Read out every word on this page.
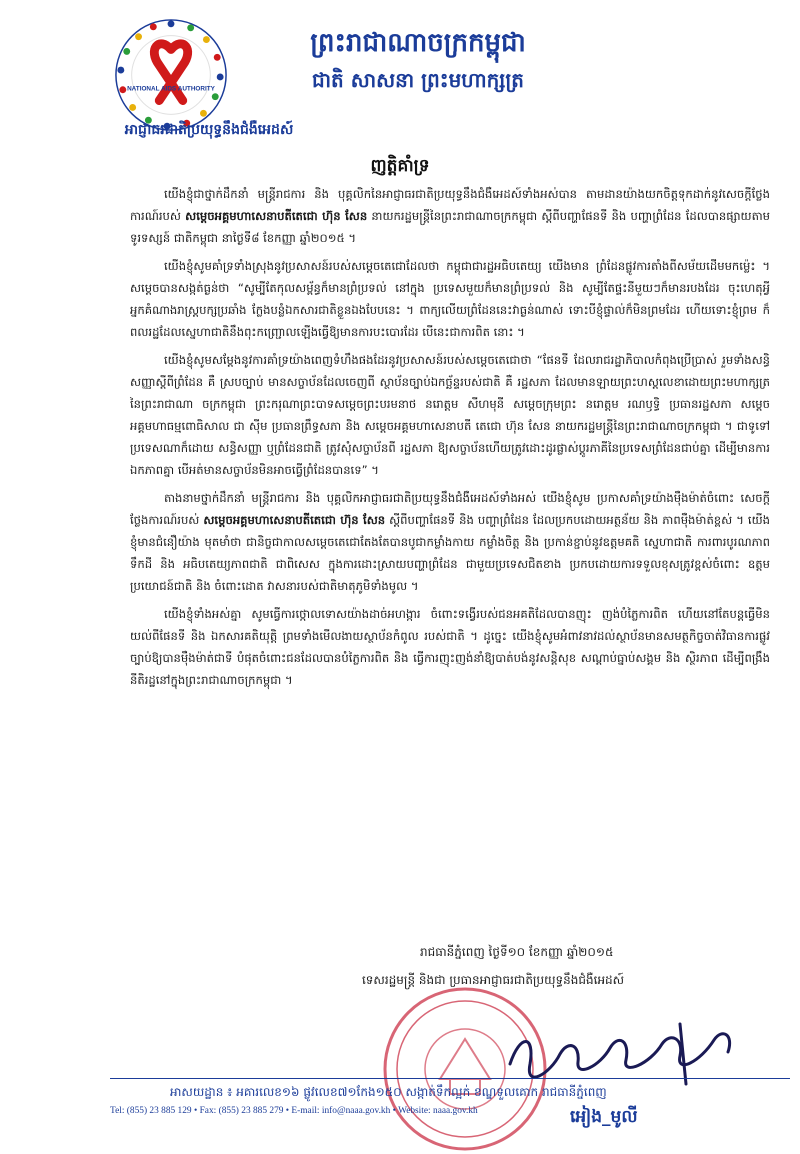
NATIONAL AIDS AUTHORITY
អាជ្ញាធរជាតិប្រយុទ្ធនឹងជំងឺអេដស៍
ព្រះរាជាណាចក្រកម្ពុជា
ជាតិ សាសនា ព្រះមហាក្សត្រ
ញត្តិគាំទ្រ

យើងខ្ញុំជាថ្នាក់ដឹកនាំ មន្ត្រីរាជការ និង បុគ្គលិកនៃអាជ្ញាធរជាតិប្រយុទ្ធនឹងជំងឺអេដស៍ទាំងអស់បាន តាមដានយ៉ាងយកចិត្តទុកដាក់នូវសេចក្តីថ្លែងការណ៍របស់ សម្តេចអគ្គមហាសេនាបតីតេជោ ហ៊ុន សែន នាយករដ្ឋមន្ត្រីនៃព្រះរាជាណាចក្រកម្ពុជា ស្តីពីបញ្ហាផែនទី និង បញ្ហាព្រំដែន ដែលបានផ្សាយតាមទូរទស្សន៍ ជាតិកម្ពុជា នាថ្ងៃទី៨ ខែកញ្ញា ឆ្នាំ២០១៥ ។

យើងខ្ញុំសូមគាំទ្រទាំងស្រុងនូវប្រសាសន៍របស់សម្តេចតេជោដែលថា កម្ពុជាជារដ្ឋអធិបតេយ្យ យើងមាន ព្រំដែនផ្លូវការតាំងពីសម័យដើមមកម្ល៉េះ ។ សម្តេចបានសង្កត់ធ្ងន់ថា “សូម្បីតែកុលសម្ព័ន្ធក៏មានព្រំប្រទល់ នៅក្នុង ប្រទេសមួយក៏មានព្រំប្រទល់ និង សូម្បីតែផ្ទះនីមួយៗក៏មានរបងដែរ ចុះហេតុអ្វីអ្នកគំណាងរាស្ត្របក្សប្រឆាំង ក្លែងបន្លំឯកសារជាតិខ្លួនឯងបែបនេះ ។ ពាក្យលើយព្រំដែននេះវាធ្ងន់ណាស់ ទោះបីខ្ញុំផ្ទាល់ក៏មិនព្រមដែរ ហើយទោះខ្ញុំព្រម ក៏ពលរដ្ឋដែលស្នេហាជាតិនឹងពុះកញ្ជ្រោលឡើងធ្វើឱ្យមានការបះបោរដែរ បើនេះជាការពិត នោះ ។

យើងខ្ញុំសូមសម្តែងនូវការគាំទ្រយ៉ាងពេញទំហឹងផងដែរនូវប្រសាសន៍របស់សម្តេចតេជោថា “ផែនទី ដែលរាជរដ្ឋាភិបាលកំពុងប្រើប្រាស់ រួមទាំងសន្ធិសញ្ញាស្តីពីព្រំដែន គឺ ស្របច្បាប់ មានសច្ចាប័នដែលចេញពី ស្ថាប័នច្បាប់ឯកច្ឆ័ន្ទរបស់ជាតិ គឺ រដ្ឋសភា ដែលមានឡាយព្រះហស្តលេខាដោយព្រះមហាក្សត្រនៃព្រះរាជាណា ចក្រកម្ពុជា ព្រះករុណាព្រះបាទសម្តេចព្រះបរមនាថ នរោត្តម សីហមុនី សម្តេចក្រុមព្រះ នរោត្តម រណឫទ្ធិ ប្រធានរដ្ឋសភា សម្តេចអគ្គមហាធម្មពោធិសាល ជា ស៊ីម ប្រធានព្រឹទ្ធសភា និង សម្តេចអគ្គមហាសេនាបតី តេជោ ហ៊ុន សែន នាយករដ្ឋមន្ត្រីនៃព្រះរាជាណាចក្រកម្ពុជា ។ ជាទូទៅប្រទេសណាក៏ដោយ សន្ធិសញ្ញា ឬព្រំដែនជាតិ ត្រូវសុំសច្ចាប័នពី រដ្ឋសភា ឱ្យសច្ចាប័នហើយត្រូវដោះដូរផ្លាស់ប្តូរភាគីនៃប្រទេសព្រំដែនជាប់គ្នា ដើម្បីមានការឯកភាពគ្នា បើអត់មានសច្ចាប័នមិនអាចធ្វើព្រំដែនបានទេ” ។

តាងនាមថ្នាក់ដឹកនាំ មន្ត្រីរាជការ និង បុគ្គលិកអាជ្ញាធរជាតិប្រយុទ្ធនឹងជំងឺអេដស៍ទាំងអស់ យើងខ្ញុំសូម ប្រកាសគាំទ្រយ៉ាងមុឺងម៉ាត់ចំពោះ សេចក្តីថ្លែងការណ៍របស់ សម្តេចអគ្គមហាសេនាបតីតេជោ ហ៊ុន សែន ស្តីពីបញ្ហាផែនទី និង បញ្ហាព្រំដែន ដែលប្រកបដោយអត្ថន័យ និង ភាពម៉ឺងម៉ាត់ខ្ពស់ ។ យើងខ្ញុំមានជំនឿយ៉ាង មុតមាំថា ជានិច្ចជាកាលសម្តេចតេជោតែងតែបានបូជាកម្លាំងកាយ កម្លាំងចិត្ត និង ប្រកាន់ខ្ជាប់នូវឧត្តមគតិ ស្នេហាជាតិ ការពារបូរណភាពទឹកដី និង អធិបតេយ្យភាពជាតិ ជាពិសេស ក្នុងការដោះស្រាយបញ្ហាព្រំដែន ជាមួយប្រទេសជិតខាង ប្រកបដោយការទទួលខុសត្រូវខ្ពស់ចំពោះ ឧត្តមប្រយោជន៍ជាតិ និង ចំពោះដោត វាសនារបស់ជាតិមាតុភូមិទាំងមូល ។

យើងខ្ញុំទាំងអស់គ្នា សូមធ្វើការថ្កោលទោសយ៉ាងដាច់អហង្ការ ចំពោះទង្វើរបស់ជនអគតិដែលបានញុះ ញង់បំភ្លៃការពិត ហើយនៅតែបន្តធ្វើមិនយល់ពីផែនទី និង ឯកសារគតិយុត្តិ ព្រមទាំងមើលងាយស្ថាប័នកំពូល របស់ជាតិ ។ ដូច្នេះ យើងខ្ញុំសូមអំពាវនាវដល់ស្ថាប័នមានសមត្ថកិច្ចចាត់វិធានការផ្លូវច្បាប់ឱ្យបានមុឺងម៉ាត់ជាទី បំផុតចំពោះជនដែលបានបំភ្លៃការពិត និង ធ្វើការញុះញង់នាំឱ្យបាត់បង់នូវសន្តិសុខ សណ្តាប់ធ្នាប់សង្គម និង ស្ថិរភាព ដើម្បីពង្រឹងនីតិរដ្ឋនៅក្នុងព្រះរាជាណាចក្រកម្ពុជា ។

រាជធានីភ្នំពេញ ថ្ងៃទី១០ ខែកញ្ញា ឆ្នាំ២០១៥
ទេសរដ្ឋមន្ត្រី និងជា ប្រធានអាជ្ញាធរជាតិប្រយុទ្ធនឹងជំងឺអេដស៍
អៀង_មូលី
អាសយដ្ឋាន ៖ អគារលេខ១៦ ផ្លូវលេខ៧១កែង១៥០ សង្កាត់ទឹកល្អក់ ខណ្ឌទួលគោក រាជធានីភ្នំពេញ
Tel: (855) 23 885 129 • Fax: (855) 23 885 279 • E-mail: info@naaa.gov.kh • Website: naaa.gov.kh
